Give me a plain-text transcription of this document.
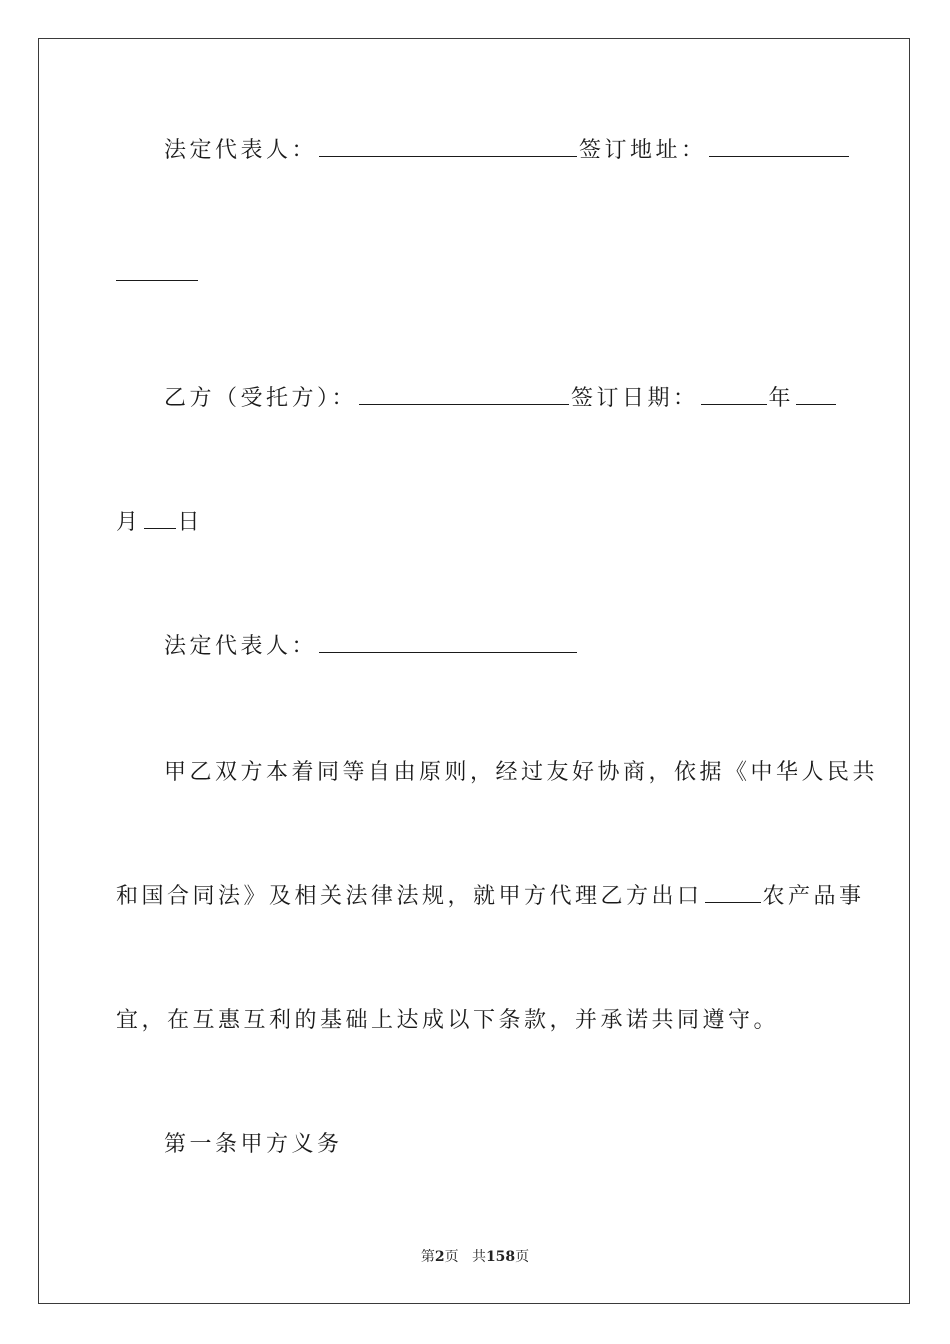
法定代表人：	签订地址：
乙方（受托方）：	签订日期：	年
月 日
法定代表人：
甲乙双方本着同等自由原则，经过友好协商，依据《中华人民共
和国合同法》及相关法律法规，就甲方代理乙方出口	农产品事
宜，在互惠互利的基础上达成以下条款，并承诺共同遵守。
第一条甲方义务
第2页 共158页
